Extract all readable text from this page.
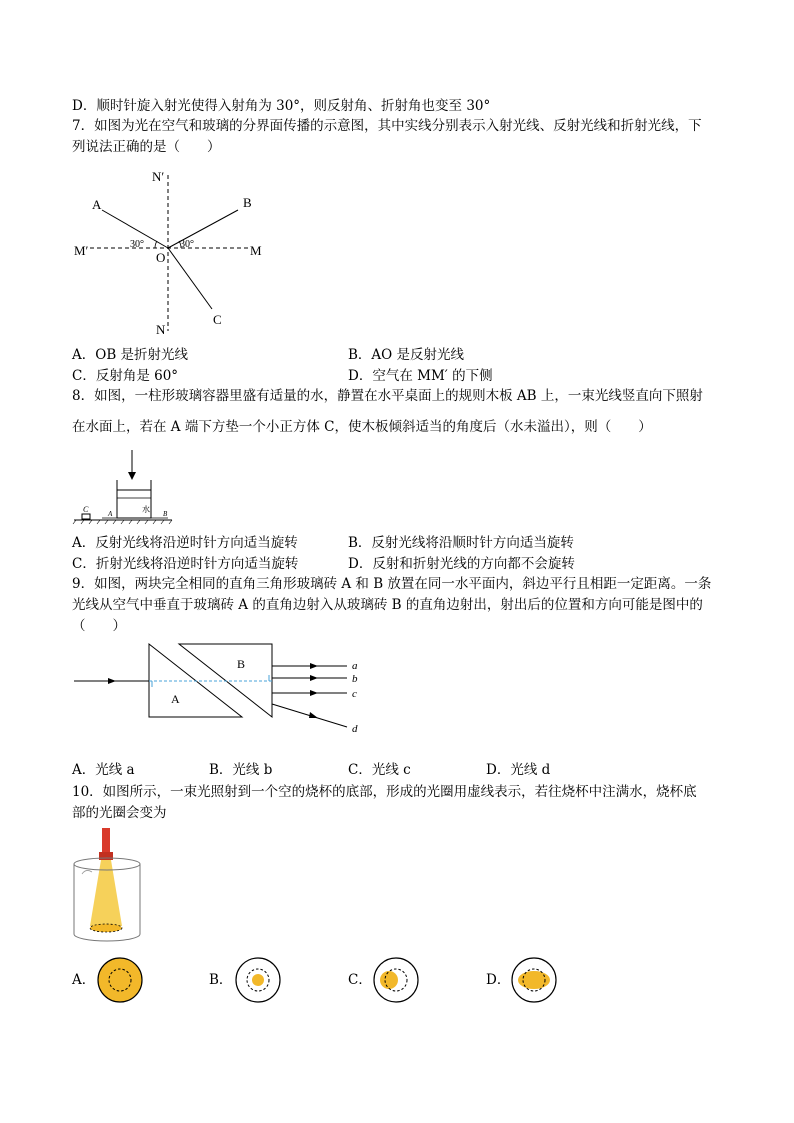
D．顺时针旋入射光使得入射角为 30°，则反射角、折射角也变至 30°
7．如图为光在空气和玻璃的分界面传播的示意图，其中实线分别表示入射光线、反射光线和折射光线，下
列说法正确的是（　　）
N′
N
M′	M
A	B
C
O
30°	30°
A．OB 是折射光线	B．AO 是反射光线
C．反射角是 60°	D．空气在 MM′ 的下侧
8．如图，一柱形玻璃容器里盛有适量的水，静置在水平桌面上的规则木板 AB 上，一束光线竖直向下照射
在水面上，若在 A 端下方垫一个小正方体 C，使木板倾斜适当的角度后（水未溢出），则（　　）
C	A	B
水
A．反射光线将沿逆时针方向适当旋转	B．反射光线将沿顺时针方向适当旋转
C．折射光线将沿逆时针方向适当旋转	D．反射和折射光线的方向都不会旋转
9．如图，两块完全相同的直角三角形玻璃砖 A 和 B 放置在同一水平面内，斜边平行且相距一定距离。一条
光线从空气中垂直于玻璃砖 A 的直角边射入从玻璃砖 B 的直角边射出，射出后的位置和方向可能是图中的
（　　）
A
B	a
b
c
d
A．光线 a	B．光线 b	C．光线 c	D．光线 d
10．如图所示，一束光照射到一个空的烧杯的底部，形成的光圈用虚线表示，若往烧杯中注满水，烧杯底
部的光圈会变为
A．	B．	C．	D．
